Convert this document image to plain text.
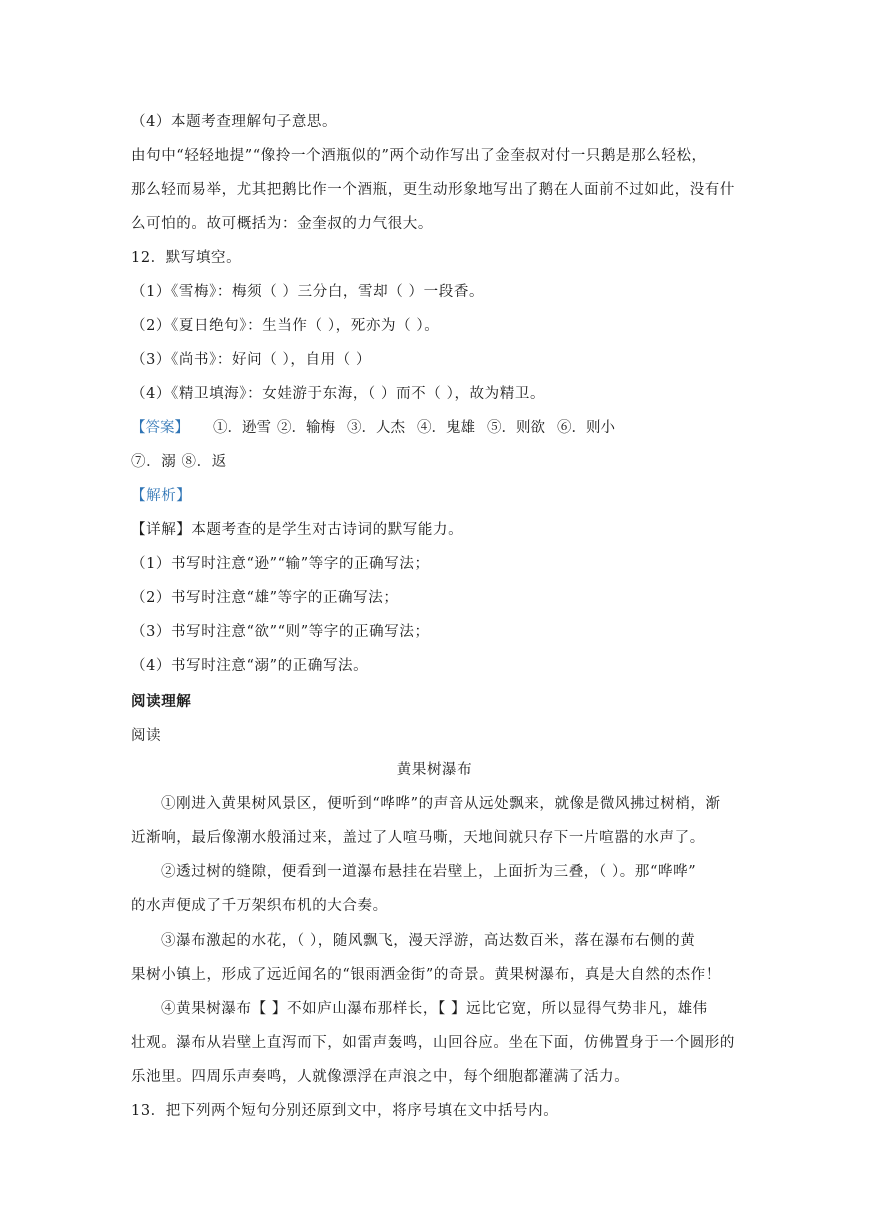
（4）本题考查理解句子意思。
由句中“轻轻地提”“像拎一个酒瓶似的”两个动作写出了金奎叔对付一只鹅是那么轻松，
那么轻而易举，尤其把鹅比作一个酒瓶，更生动形象地写出了鹅在人面前不过如此，没有什
么可怕的。故可概括为：金奎叔的力气很大。
12．默写填空。
（1）《雪梅》：梅须（ ）三分白，雪却（ ）一段香。
（2）《夏日绝句》：生当作（ ），死亦为（ ）。
（3）《尚书》：好问（ ），自用（ ）
（4）《精卫填海》：女娃游于东海，（ ）而不（ ），故为精卫。
【答案】 ①．逊雪 ②．输梅 ③．人杰 ④．鬼雄 ⑤．则欲 ⑥．则小
⑦．溺 ⑧．返
【解析】
【详解】本题考查的是学生对古诗词的默写能力。
（1）书写时注意“逊”“输”等字的正确写法；
（2）书写时注意“雄”等字的正确写法；
（3）书写时注意“欲”“则”等字的正确写法；
（4）书写时注意“溺”的正确写法。
阅读理解
阅读
黄果树瀑布
①刚进入黄果树风景区，便听到“哗哗”的声音从远处飘来，就像是微风拂过树梢，渐
近渐响，最后像潮水般涌过来，盖过了人喧马嘶，天地间就只存下一片喧嚣的水声了。
②透过树的缝隙，便看到一道瀑布悬挂在岩壁上，上面折为三叠，（ ）。那“哗哗”
的水声便成了千万架织布机的大合奏。
③瀑布激起的水花，（ ），随风飘飞，漫天浮游，高达数百米，落在瀑布右侧的黄
果树小镇上，形成了远近闻名的“银雨洒金街”的奇景。黄果树瀑布，真是大自然的杰作！
④黄果树瀑布【 】不如庐山瀑布那样长，【 】远比它宽，所以显得气势非凡，雄伟
壮观。瀑布从岩壁上直泻而下，如雷声轰鸣，山回谷应。坐在下面，仿佛置身于一个圆形的
乐池里。四周乐声奏鸣，人就像漂浮在声浪之中，每个细胞都灌满了活力。
13．把下列两个短句分别还原到文中，将序号填在文中括号内。
